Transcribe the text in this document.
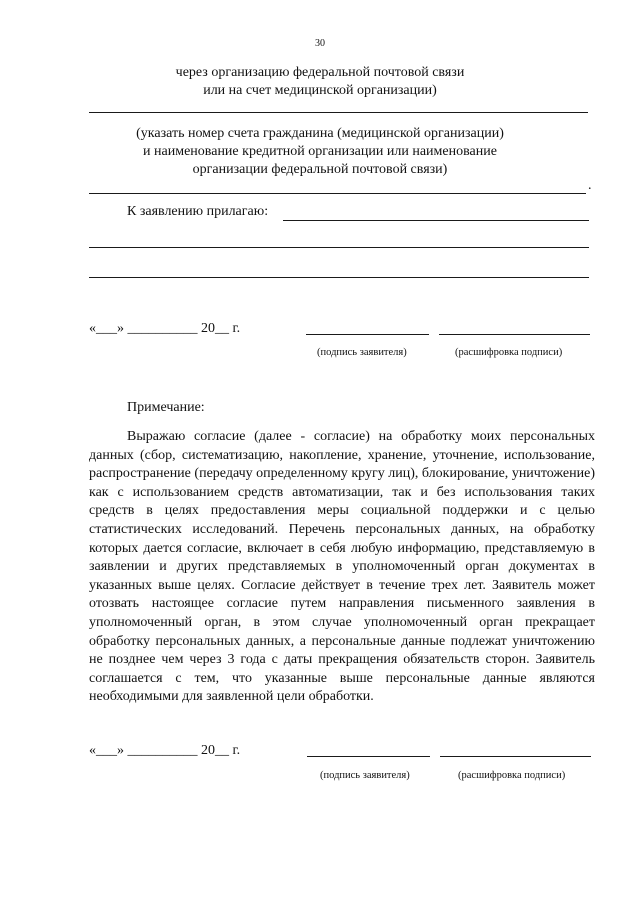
30
через организацию федеральной почтовой связи
или на счет медицинской организации)
(указать номер счета гражданина (медицинской организации)
и наименование кредитной организации или наименование
организации федеральной почтовой связи)
.
К заявлению прилагаю:
«___» __________ 20__ г.
(подпись заявителя)	(расшифровка подписи)
Примечание:

Выражаю согласие (далее - согласие) на обработку моих персональных данных (сбор, систематизацию, накопление, хранение, уточнение, использование, распространение (передачу определенному кругу лиц), блокирование, уничтожение) как с использованием средств автоматизации, так и без использования таких средств в целях предоставления меры социальной поддержки и с целью статистических исследований. Перечень персональных данных, на обработку которых дается согласие, включает в себя любую информацию, представляемую в заявлении и других представляемых в уполномоченный орган документах в указанных выше целях. Согласие действует в течение трех лет. Заявитель может отозвать настоящее согласие путем направления письменного заявления в уполномоченный орган, в этом случае уполномоченный орган прекращает обработку персональных данных, а персональные данные подлежат уничтожению не позднее чем через 3 года с даты прекращения обязательств сторон. Заявитель соглашается с тем, что указанные выше персональные данные являются необходимыми для заявленной цели обработки.

«___» __________ 20__ г.
(подпись заявителя)	(расшифровка подписи)
